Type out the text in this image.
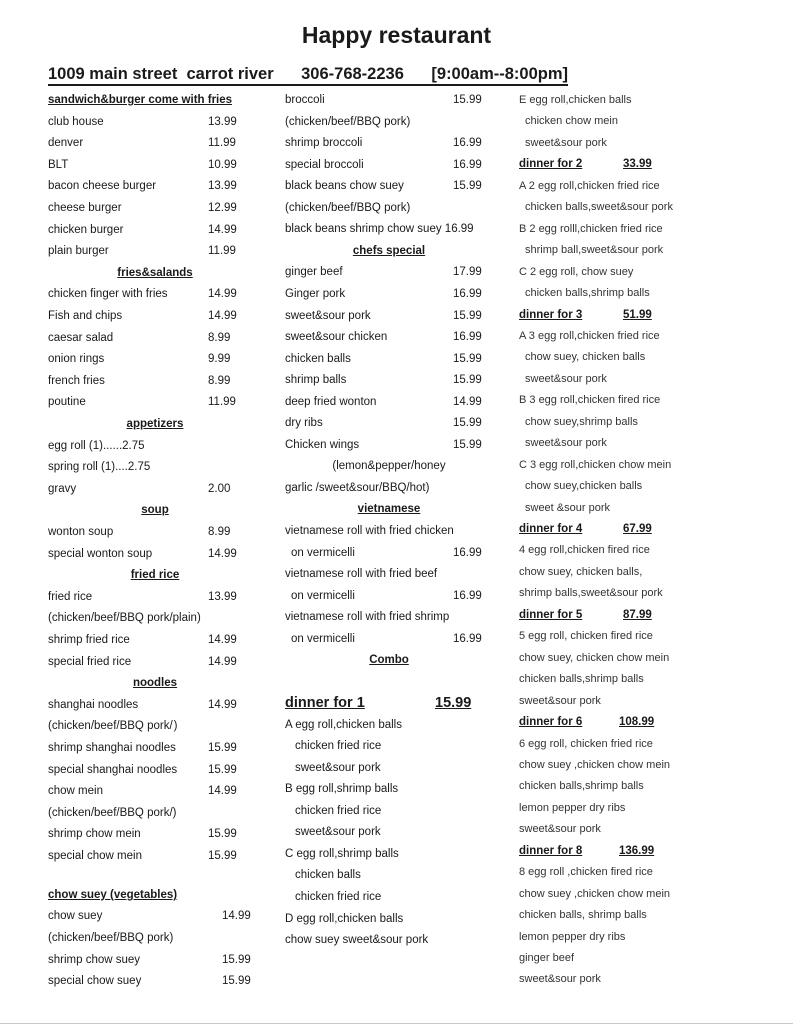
Happy restaurant
1009 main street  carrot river      306-768-2236      [9:00am--8:00pm]
sandwich&burger come with fries
club house	13.99
denver	11.99
BLT	10.99
bacon cheese burger	13.99
cheese burger	12.99
chicken burger	14.99
plain burger	11.99
fries&salands
chicken finger with fries	14.99
Fish and chips	14.99
caesar salad	8.99
onion rings	9.99
french fries	8.99
poutine	11.99
appetizers
egg roll (1)......2.75
spring roll (1)....2.75
gravy	2.00
soup
wonton soup	8.99
special wonton soup	14.99
fried rice
fried rice	13.99
(chicken/beef/BBQ pork/plain)
shrimp fried rice	14.99
special fried rice	14.99
noodles
shanghai noodles	14.99
(chicken/beef/BBQ pork/ )
shrimp shanghai noodles	15.99
special shanghai noodles	15.99
chow mein	14.99
(chicken/beef/BBQ pork/)
shrimp chow mein	15.99
special chow mein	15.99
chow suey (vegetables)
chow suey	14.99
(chicken/beef/BBQ pork)
shrimp chow suey	15.99
special chow suey	15.99
broccoli	15.99
(chicken/beef/BBQ pork)
shrimp broccoli	16.99
special broccoli	16.99
black beans chow suey	15.99
(chicken/beef/BBQ pork)
black beans shrimp chow suey 16.99
chefs special
ginger beef	17.99
Ginger pork	16.99
sweet&sour pork	15.99
sweet&sour chicken	16.99
chicken balls	15.99
shrimp balls	15.99
deep fried wonton	14.99
dry ribs	15.99
Chicken wings	15.99
(lemon&pepper/honey
garlic /sweet&sour/BBQ/hot)
vietnamese
vietnamese roll with fried chicken
on vermicelli	16.99
vietnamese roll with fried beef
on vermicelli	16.99
vietnamese roll with fried shrimp
on vermicelli	16.99
Combo
dinner for 1	15.99
A egg roll,chicken balls
chicken fried rice
sweet&sour pork
B egg roll,shrimp balls
chicken fried rice
sweet&sour pork
C egg roll,shrimp balls
chicken balls
chicken fried rice
D egg roll,chicken balls
chow suey sweet&sour pork
E egg roll,chicken balls
chicken chow mein
sweet&sour pork
dinner for 2	33.99
A 2 egg roll,chicken fried rice
chicken balls,sweet&sour pork
B 2 egg rolll,chicken fried rice
shrimp ball,sweet&sour pork
C 2 egg roll, chow suey
chicken balls,shrimp balls
dinner for 3	51.99
A 3 egg roll,chicken fried rice
chow suey, chicken balls
sweet&sour pork
B 3 egg roll,chicken fired rice
chow suey,shrimp balls
sweet&sour pork
C 3 egg roll,chicken chow mein
chow suey,chicken balls
sweet &sour pork
dinner for 4	67.99
4 egg roll,chicken fired rice
chow suey, chicken balls,
shrimp balls,sweet&sour pork
dinner for 5	87.99
5 egg roll, chicken fired rice
chow suey, chicken chow mein
chicken balls,shrimp balls
sweet&sour pork
dinner for 6	108.99
6 egg roll, chicken fried rice
chow suey ,chicken chow mein
chicken balls,shrimp balls
lemon pepper dry ribs
sweet&sour pork
dinner for 8	136.99
8 egg roll ,chicken fired rice
chow suey ,chicken chow mein
chicken balls, shrimp balls
lemon pepper dry ribs
ginger beef
sweet&sour pork
